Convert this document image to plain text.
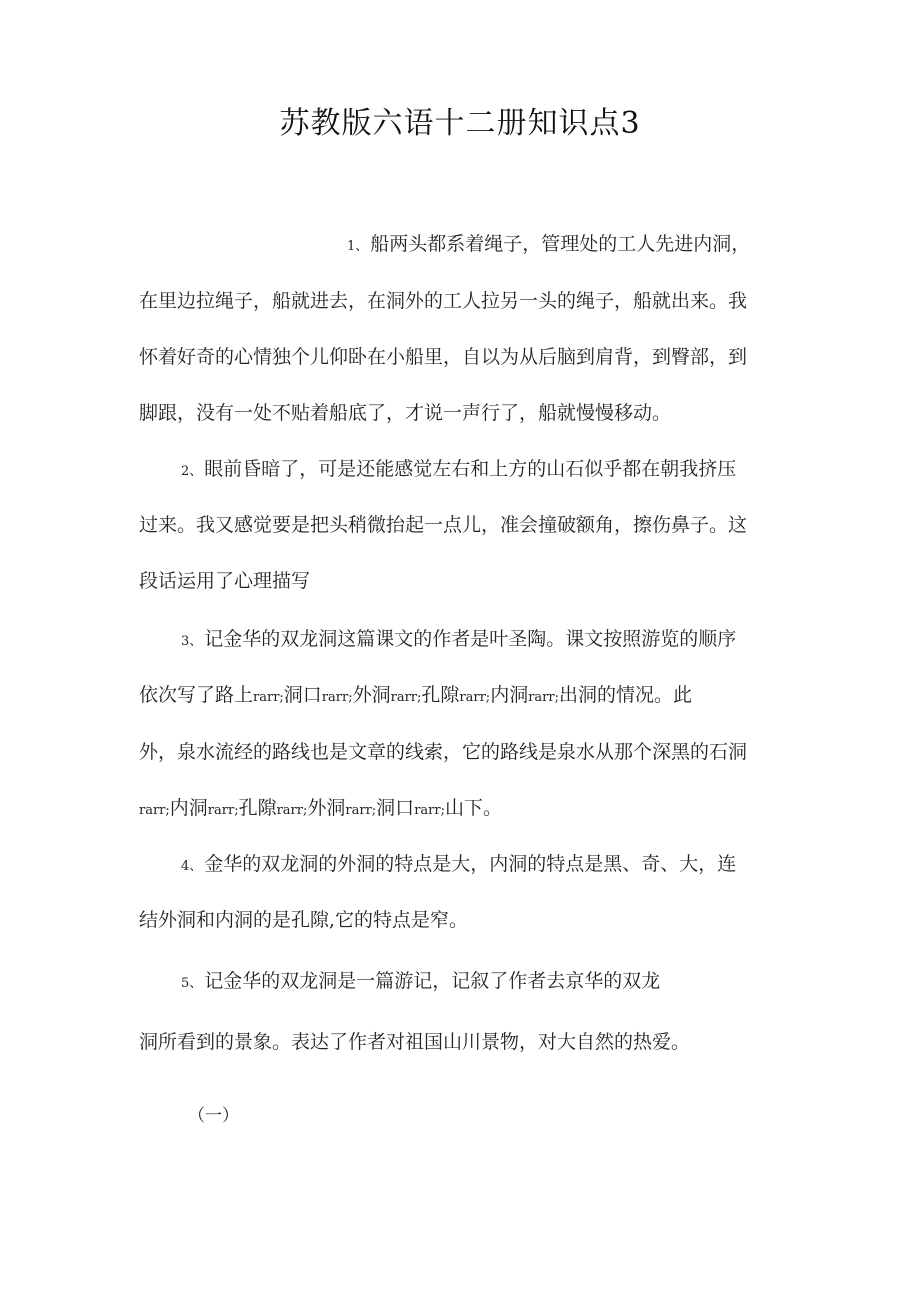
苏教版六语十二册知识点3
1、 船两头都系着绳子，管理处的工人先进内洞，
在里边拉绳子，船就进去，在洞外的工人拉另一头的绳子，船就出来。我
怀着好奇的心情独个儿仰卧在小船里，自以为从后脑到肩背，到臀部，到
脚跟，没有一处不贴着船底了，才说一声行了，船就慢慢移动。
2、 眼前昏暗了，可是还能感觉左右和上方的山石似乎都在朝我挤压
过来。我又感觉要是把头稍微抬起一点儿，准会撞破额角，擦伤鼻子。这
段话运用了心理描写
3、 记金华的双龙洞这篇课文的作者是叶圣陶。课文按照游览的顺序
依次写了路上rarr;洞口rarr;外洞rarr;孔隙rarr;内洞rarr;出洞的情况。此
外，泉水流经的路线也是文章的线索，它的路线是泉水从那个深黑的石洞
rarr;内洞rarr;孔隙rarr;外洞rarr;洞口rarr;山下。
4、 金华的双龙洞的外洞的特点是大，内洞的特点是黑、奇、大，连
结外洞和内洞的是孔隙,它的特点是窄。
5、 记金华的双龙洞是一篇游记，记叙了作者去京华的双龙
洞所看到的景象。表达了作者对祖国山川景物，对大自然的热爱。
（一）
